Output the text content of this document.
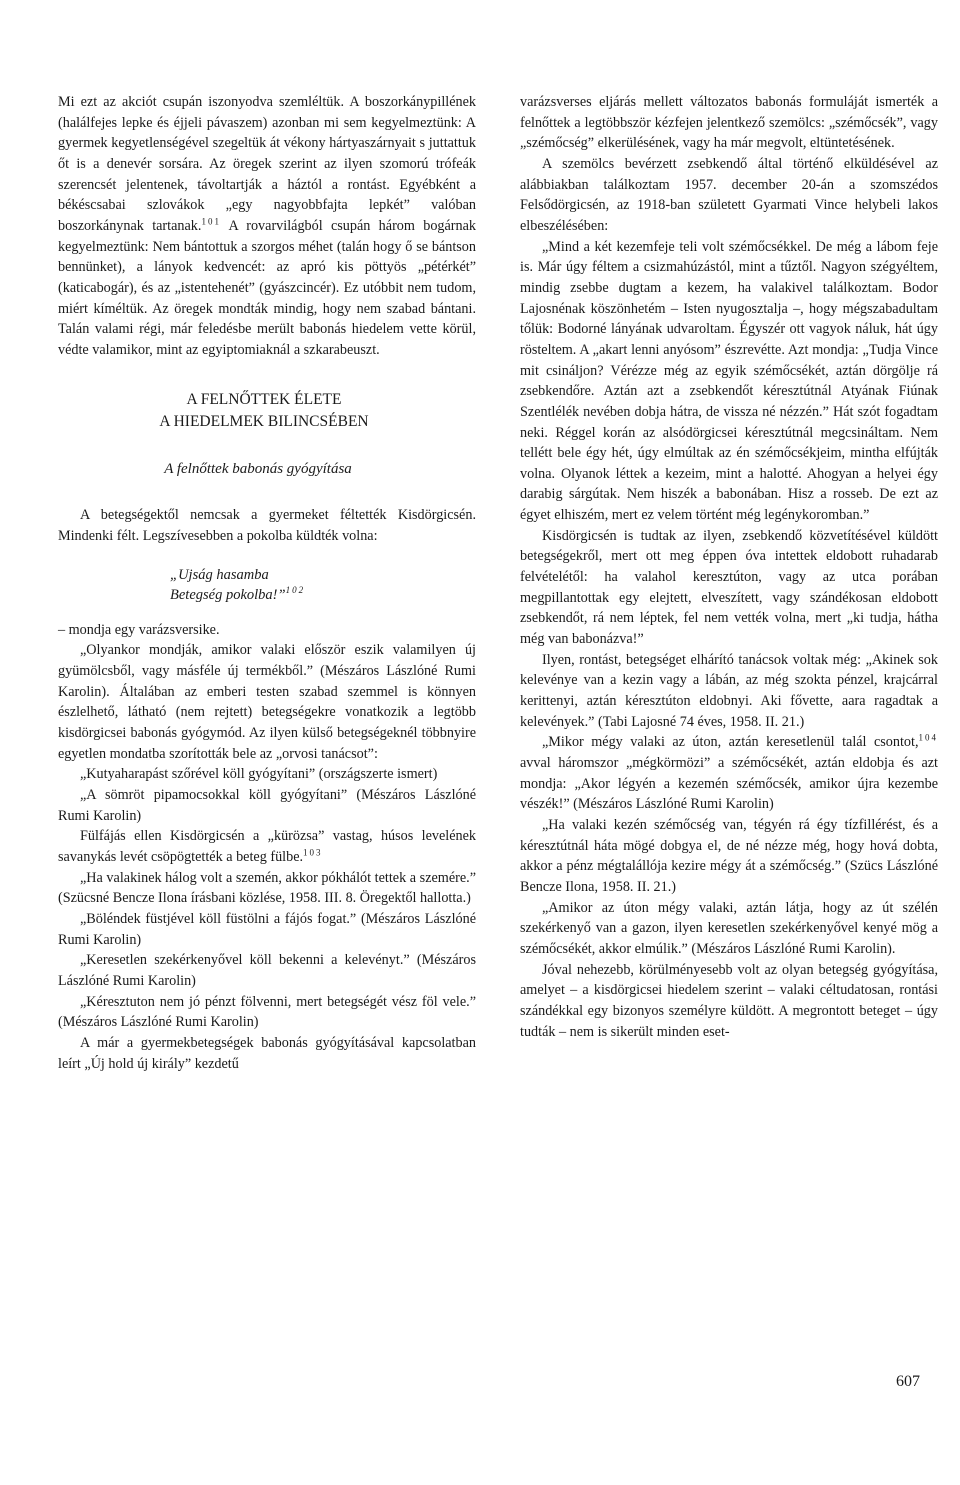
Mi ezt az akciót csupán iszonyodva szemléltük. A boszorkánypillének (halálfejes lepke és éjjeli pávaszem) azonban mi sem kegyelmeztünk: A gyermek kegyetlenségével szegeltük át vékony hártyaszárnyait s juttattuk őt is a denevér sorsára. Az öregek szerint az ilyen szomorú trófeák szerencsét jelentenek, távoltartják a háztól a rontást. Egyébként a békéscsabai szlovákok „egy nagyobbfajta lepkét” valóban boszorkánynak tartanak.$^{101}$ A rovarvilágból csupán három bogárnak kegyelmeztünk: Nem bántottuk a szorgos méhet (talán hogy ő se bántson bennünket), a lányok kedvencét: az apró kis pöttyös „pétérkét” (katicabogár), és az „istentehenét” (gyászcincér). Ez utóbbit nem tudom, miért kíméltük. Az öregek mondták mindig, hogy nem szabad bántani. Talán valami régi, már feledésbe merült babonás hiedelem vette körül, védte valamikor, mint az egyiptomiaknál a szkarabeuszt.

A FELNŐTTEK ÉLETE
A HIEDELMEK BILINCSÉBEN
A felnőttek babonás gyógyítása

A betegségektől nemcsak a gyermeket féltették Kisdörgicsén. Mindenki félt. Legszívesebben a pokolba küldték volna:

„Ujság hasamba
Betegség pokolba!”$^{102}$

– mondja egy varázsversike.

„Olyankor mondják, amikor valaki először eszik valamilyen új gyümölcsből, vagy másféle új termékből.” (Mészáros Lászlóné Rumi Karolin). Általában az emberi testen szabad szemmel is könnyen észlelhető, látható (nem rejtett) betegségekre vonatkozik a legtöbb kisdörgicsei babonás gyógymód. Az ilyen külső betegségeknél többnyire egyetlen mondatba szorították bele az „orvosi tanácsot”:

„Kutyaharapást szőrével köll gyógyítani” (országszerte ismert)

„A sömröt pipamocsokkal köll gyógyítani” (Mészáros Lászlóné Rumi Karolin)

Fülfájás ellen Kisdörgicsén a „kürözsa” vastag, húsos levelének savanykás levét csöpögtették a beteg fülbe.$^{103}$

„Ha valakinek hálog volt a szemén, akkor pókhálót tettek a szemére.” (Szücsné Bencze Ilona írásbani közlése, 1958. III. 8. Öregektől hallotta.)

„Böléndek füstjével köll füstölni a fájós fogat.” (Mészáros Lászlóné Rumi Karolin)

„Keresetlen szekérkenyővel köll bekenni a kelevényt.” (Mészáros Lászlóné Rumi Karolin)

„Kéresztuton nem jó pénzt fölvenni, mert betegségét vész föl vele.” (Mészáros Lászlóné Rumi Karolin)

A már a gyermekbetegségek babonás gyógyításával kapcsolatban leírt „Új hold új király” kezdetű

varázsverses eljárás mellett változatos babonás formuláját ismerték a felnőttek a legtöbbször kézfejen jelentkező szemölcs: „szémőcsék”, vagy „szémőcség” elkerülésének, vagy ha már megvolt, eltüntetésének.

A szemölcs bevérzett zsebkendő által történő elküldésével az alábbiakban találkoztam 1957. december 20-án a szomszédos Felsődörgicsén, az 1918-ban született Gyarmati Vince helybeli lakos elbeszélésében:

„Mind a két kezemfeje teli volt szémőcsékkel. De még a lábom feje is. Már úgy féltem a csizmahúzástól, mint a tűztől. Nagyon szégyéltem, mindig zsebbe dugtam a kezem, ha valakivel találkoztam. Bodor Lajosnénak köszönhetém – Isten nyugosztalja –, hogy mégszabadultam tőlük: Bodorné lányának udvaroltam. Égyszér ott vagyok náluk, hát úgy rösteltem. A „akart lenni anyósom” észrevétte. Azt mondja: „Tudja Vince mit csináljon? Vérézze még az egyik szémőcsékét, aztán dörgölje rá zsebkendőre. Aztán azt a zsebkendőt kéresztútnál Atyának Fiúnak Szentlélék nevében dobja hátra, de vissza né nézzén.” Hát szót fogadtam neki. Réggel korán az alsódörgicsei kéresztútnál megcsináltam. Nem tellétt bele égy hét, úgy elmúltak az én szémőcsékjeim, mintha elfújták volna. Olyanok léttek a kezeim, mint a halotté. Ahogyan a helyei égy darabig sárgútak. Nem hiszék a babonában. Hisz a rosseb. De ezt az égyet elhiszém, mert ez velem történt még legénykoromban.”

Kisdörgicsén is tudtak az ilyen, zsebkendő közvetítésével küldött betegségekről, mert ott meg éppen óva intettek eldobott ruhadarab felvételétől: ha valahol keresztúton, vagy az utca porában megpillantottak egy elejtett, elveszített, vagy szándékosan eldobott zsebkendőt, rá nem léptek, fel nem vették volna, mert „ki tudja, hátha még van babonázva!”

Ilyen, rontást, betegséget elhárító tanácsok voltak még: „Akinek sok kelevénye van a kezin vagy a lábán, az még szokta pénzel, krajcárral kerittenyi, aztán kéresztúton eldobnyi. Aki fővette, aara ragadtak a kelevények.” (Tabi Lajosné 74 éves, 1958. II. 21.)

„Mikor mégy valaki az úton, aztán keresetlenül talál csontot,$^{104}$ avval háromszor „mégkörmözi” a szémőcsékét, aztán eldobja és azt mondja: „Akor légyén a kezemén szémőcsék, amikor újra kezembe vészék!” (Mészáros Lászlóné Rumi Karolin)

„Ha valaki kezén szémőcség van, tégyén rá égy tízfillérést, és a kéresztútnál háta mögé dobgya el, de né nézze még, hogy hová dobta, akkor a pénz mégtalállója kezire mégy át a szémőcség.” (Szücs Lászlóné Bencze Ilona, 1958. II. 21.)

„Amikor az úton mégy valaki, aztán látja, hogy az út szélén szekérkenyő van a gazon, ilyen keresetlen szekérkenyővel kenyé mög a szémőcsékét, akkor elmúlik.” (Mészáros Lászlóné Rumi Karolin).

Jóval nehezebb, körülményesebb volt az olyan betegség gyógyítása, amelyet – a kisdörgicsei hiedelem szerint – valaki céltudatosan, rontási szándékkal egy bizonyos személyre küldött. A megrontott beteget – úgy tudták – nem is sikerült minden eset-

607
